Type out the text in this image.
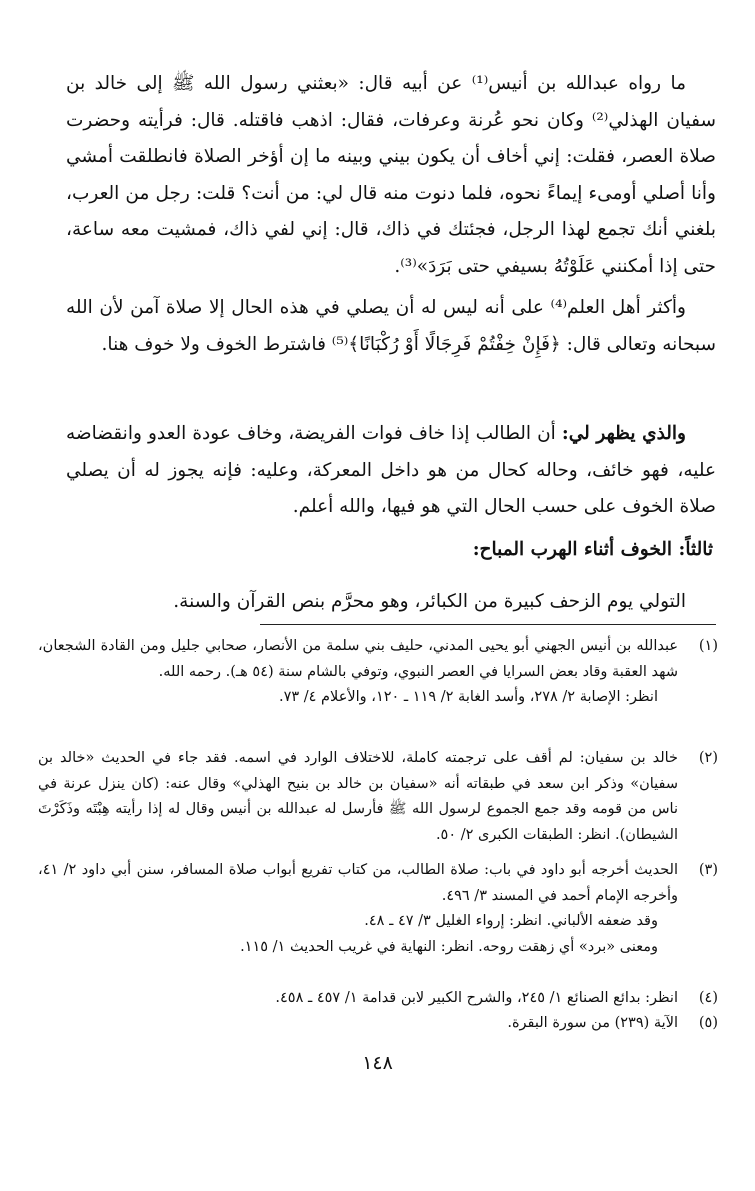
ما رواه عبدالله بن أنيس⁽¹⁾ عن أبيه قال: «بعثني رسول الله ﷺ إلى خالد بن سفيان الهذلي⁽²⁾ وكان نحو عُرنة وعرفات، فقال: اذهب فاقتله. قال: فرأيته وحضرت صلاة العصر، فقلت: إني أخاف أن يكون بيني وبينه ما إن أؤخر الصلاة فانطلقت أمشي وأنا أصلي أومىء إيماءً نحوه، فلما دنوت منه قال لي: من أنت؟ قلت: رجل من العرب، بلغني أنك تجمع لهذا الرجل، فجئتك في ذاك، قال: إني لفي ذاك، فمشيت معه ساعة، حتى إذا أمكنني عَلَوْتُهُ بسيفي حتى بَرَدَ»⁽³⁾.

وأكثر أهل العلم⁽⁴⁾ على أنه ليس له أن يصلي في هذه الحال إلا صلاة آمن لأن الله سبحانه وتعالى قال: ﴿فَإِنْ خِفْتُمْ فَرِجَالًا أَوْ رُكْبَانًا﴾⁽⁵⁾ فاشترط الخوف ولا خوف هنا.

والذي يظهر لي: أن الطالب إذا خاف فوات الفريضة، وخاف عودة العدو وانقضاضه عليه، فهو خائف، وحاله كحال من هو داخل المعركة، وعليه: فإنه يجوز له أن يصلي صلاة الخوف على حسب الحال التي هو فيها، والله أعلم.

ثالثاً: الخوف أثناء الهرب المباح:

التولي يوم الزحف كبيرة من الكبائر، وهو محرَّم بنص القرآن والسنة.

(١)
عبدالله بن أنيس الجهني أبو يحيى المدني، حليف بني سلمة من الأنصار، صحابي جليل ومن القادة الشجعان، شهد العقبة وقاد بعض السرايا في العصر النبوي، وتوفي بالشام سنة (٥٤ هـ). رحمه الله.
انظر: الإصابة ٢/ ٢٧٨، وأسد الغابة ٢/ ١١٩ ـ ١٢٠، والأعلام ٤/ ٧٣.
(٢)
خالد بن سفيان: لم أقف على ترجمته كاملة، للاختلاف الوارد في اسمه. فقد جاء في الحديث «خالد بن سفيان» وذكر ابن سعد في طبقاته أنه «سفيان بن خالد بن بنيح الهذلي» وقال عنه: (كان ينزل عرنة في ناس من قومه وقد جمع الجموع لرسول الله ﷺ فأرسل له عبدالله بن أنيس وقال له إذا رأيته هِبْتَه وذَكَرْتَ الشيطان). انظر: الطبقات الكبرى ٢/ ٥٠.
(٣)
الحديث أخرجه أبو داود في باب: صلاة الطالب، من كتاب تفريع أبواب صلاة المسافر، سنن أبي داود ٢/ ٤١، وأخرجه الإمام أحمد في المسند ٣/ ٤٩٦.
وقد ضعفه الألباني. انظر: إرواء الغليل ٣/ ٤٧ ـ ٤٨.
ومعنى «برد» أي زهقت روحه. انظر: النهاية في غريب الحديث ١/ ١١٥.
(٤)
انظر: بدائع الصنائع ١/ ٢٤٥، والشرح الكبير لابن قدامة ١/ ٤٥٧ ـ ٤٥٨.
(٥)
الآية (٢٣٩) من سورة البقرة.
١٤٨
